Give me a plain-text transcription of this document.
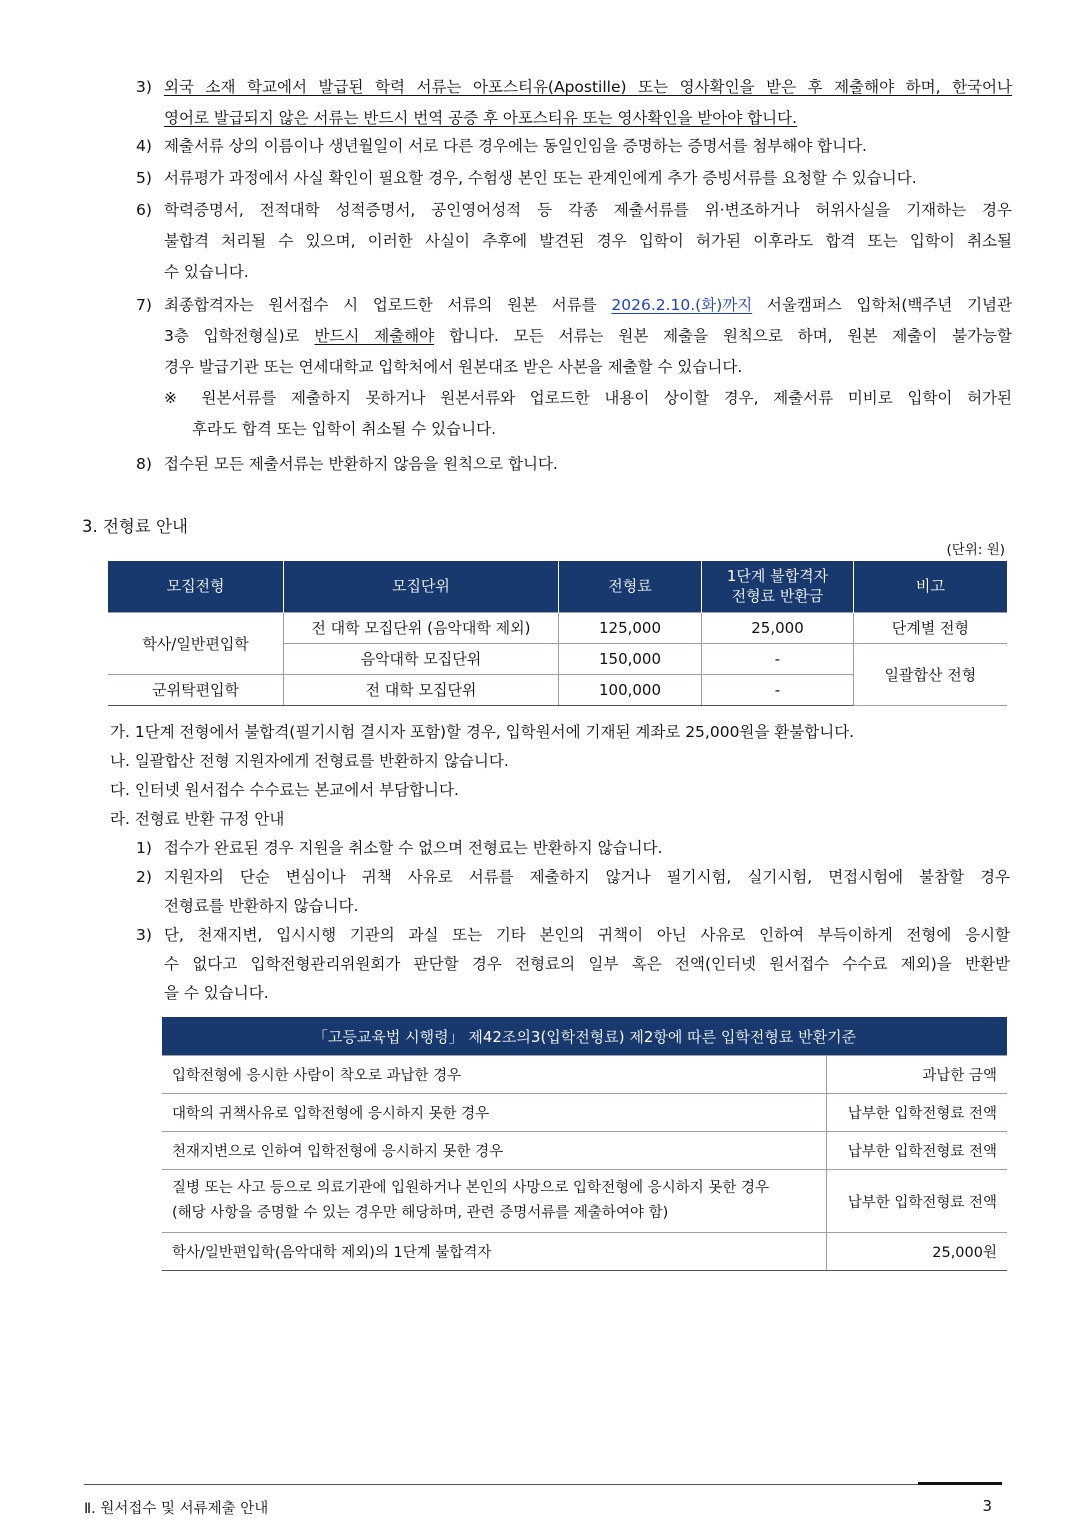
3) 외국 소재 학교에서 발급된 학력 서류는 아포스티유(Apostille) 또는 영사확인을 받은 후 제출해야 하며, 한국어나
영어로 발급되지 않은 서류는 반드시 번역 공증 후 아포스티유 또는 영사확인을 받아야 합니다.
4) 제출서류 상의 이름이나 생년월일이 서로 다른 경우에는 동일인임을 증명하는 증명서를 첨부해야 합니다.
5) 서류평가 과정에서 사실 확인이 필요할 경우, 수험생 본인 또는 관계인에게 추가 증빙서류를 요청할 수 있습니다.
6) 학력증명서, 전적대학 성적증명서, 공인영어성적 등 각종 제출서류를 위·변조하거나 허위사실을 기재하는 경우
불합격 처리될 수 있으며, 이러한 사실이 추후에 발견된 경우 입학이 허가된 이후라도 합격 또는 입학이 취소될
수 있습니다.
7) 최종합격자는 원서접수 시 업로드한 서류의 원본 서류를 2026.2.10.(화)까지 서울캠퍼스 입학처(백주년 기념관
3층 입학전형실)로 반드시 제출해야 합니다. 모든 서류는 원본 제출을 원칙으로 하며, 원본 제출이 불가능할
경우 발급기관 또는 연세대학교 입학처에서 원본대조 받은 사본을 제출할 수 있습니다.
※ 원본서류를 제출하지 못하거나 원본서류와 업로드한 내용이 상이할 경우, 제출서류 미비로 입학이 허가된
후라도 합격 또는 입학이 취소될 수 있습니다.
8) 접수된 모든 제출서류는 반환하지 않음을 원칙으로 합니다.
3. 전형료 안내
(단위: 원)
모집전형	모집단위	전형료	1단계 불합격자
전형료 반환금	비고
학사/일반편입학	전 대학 모집단위 (음악대학 제외)	125,000	25,000	단계별 전형
	음악대학 모집단위	150,000	-	일괄합산 전형
군위탁편입학	전 대학 모집단위	100,000	-	
가. 1단계 전형에서 불합격(필기시험 결시자 포함)할 경우, 입학원서에 기재된 계좌로 25,000원을 환불합니다.
나. 일괄합산 전형 지원자에게 전형료를 반환하지 않습니다.
다. 인터넷 원서접수 수수료는 본교에서 부담합니다.
라. 전형료 반환 규정 안내
1) 접수가 완료된 경우 지원을 취소할 수 없으며 전형료는 반환하지 않습니다.
2) 지원자의 단순 변심이나 귀책 사유로 서류를 제출하지 않거나 필기시험, 실기시험, 면접시험에 불참할 경우
전형료를 반환하지 않습니다.
3) 단, 천재지변, 입시시행 기관의 과실 또는 기타 본인의 귀책이 아닌 사유로 인하여 부득이하게 전형에 응시할
수 없다고 입학전형관리위원회가 판단할 경우 전형료의 일부 혹은 전액(인터넷 원서접수 수수료 제외)을 반환받
을 수 있습니다.
「고등교육법 시행령」 제42조의3(입학전형료) 제2항에 따른 입학전형료 반환기준	
입학전형에 응시한 사람이 착오로 과납한 경우	과납한 금액
대학의 귀책사유로 입학전형에 응시하지 못한 경우	납부한 입학전형료 전액
천재지변으로 인하여 입학전형에 응시하지 못한 경우	납부한 입학전형료 전액

질병 또는 사고 등으로 의료기관에 입원하거나 본인의 사망으로 입학전형에 응시하지 못한 경우
(해당 사항을 증명할 수 있는 경우만 해당하며, 관련 증명서류를 제출하여야 함)	납부한 입학전형료 전액
학사/일반편입학(음악대학 제외)의 1단계 불합격자	25,000원
Ⅱ. 원서접수 및 서류제출 안내	3
